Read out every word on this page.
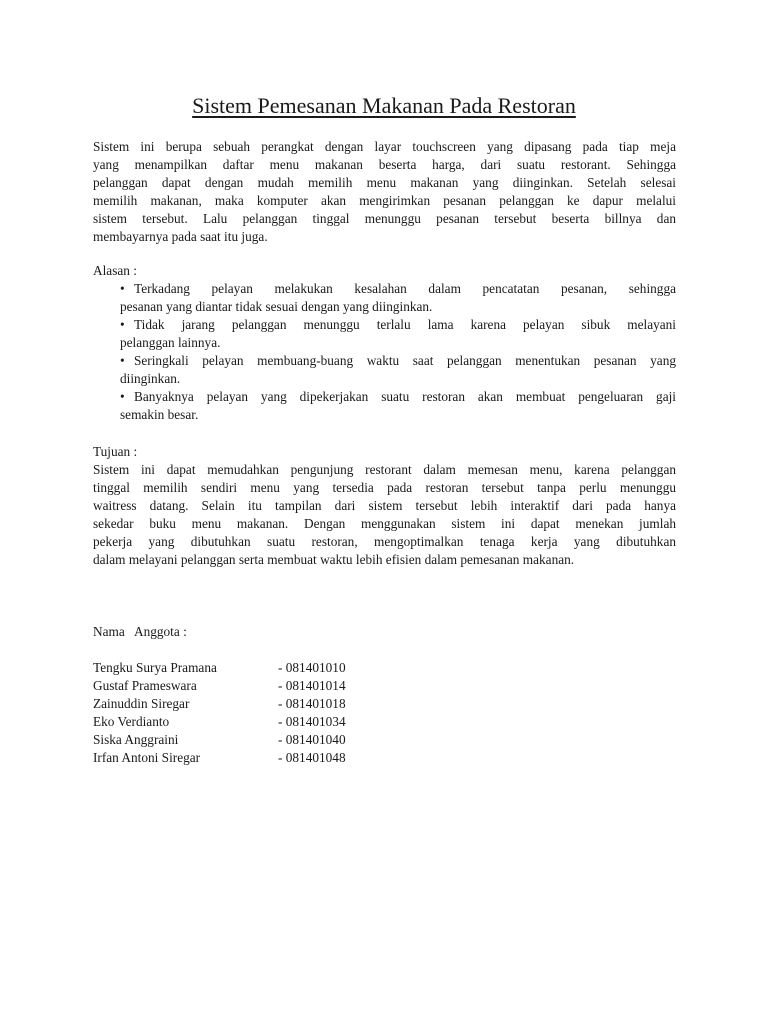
Sistem Pemesanan Makanan Pada Restoran
Sistem ini berupa sebuah perangkat dengan layar touchscreen yang dipasang pada tiap meja
yang menampilkan daftar menu makanan beserta harga, dari suatu restorant. Sehingga
pelanggan dapat dengan mudah memilih menu makanan yang diinginkan. Setelah selesai
memilih makanan, maka komputer akan mengirimkan pesanan pelanggan ke dapur melalui
sistem tersebut. Lalu pelanggan tinggal menunggu pesanan tersebut beserta billnya dan
membayarnya pada saat itu juga.
Alasan :
• Terkadang pelayan melakukan kesalahan dalam pencatatan pesanan, sehingga
pesanan yang diantar tidak sesuai dengan yang diinginkan.
• Tidak jarang pelanggan menunggu terlalu lama karena pelayan sibuk melayani
pelanggan lainnya.
• Seringkali pelayan membuang-buang waktu saat pelanggan menentukan pesanan yang
diinginkan.
• Banyaknya pelayan yang dipekerjakan suatu restoran akan membuat pengeluaran gaji
semakin besar.
Tujuan :
Sistem ini dapat memudahkan pengunjung restorant dalam memesan menu, karena pelanggan
tinggal memilih sendiri menu yang tersedia pada restoran tersebut tanpa perlu menunggu
waitress datang. Selain itu tampilan dari sistem tersebut lebih interaktif dari pada hanya
sekedar buku menu makanan. Dengan menggunakan sistem ini dapat menekan jumlah
pekerja yang dibutuhkan suatu restoran, mengoptimalkan tenaga kerja yang dibutuhkan
dalam melayani pelanggan serta membuat waktu lebih efisien dalam pemesanan makanan.
Nama   Anggota :
Tengku Surya Pramana	- 081401010
Gustaf Prameswara	- 081401014
Zainuddin Siregar	- 081401018
Eko Verdianto	- 081401034
Siska Anggraini	- 081401040
Irfan Antoni Siregar	- 081401048
